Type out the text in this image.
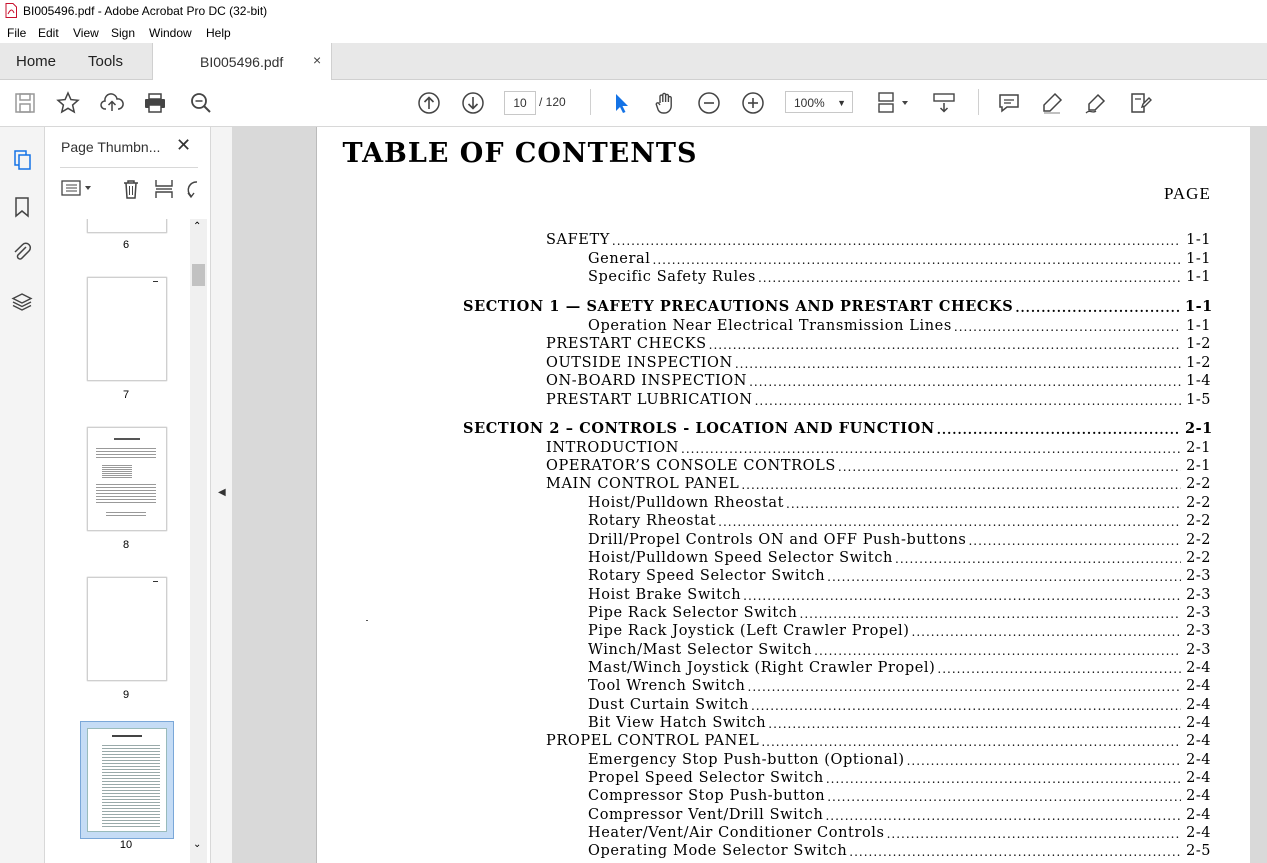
BI005496.pdf - Adobe Acrobat Pro DC (32-bit)
File Edit View Sign Window Help
Home Tools	BI005496.pdf ×
10	/ 120	100% ▼
Page Thumbn... ✕
6
7
8
9
10
⌃
⌄
◀
TABLE OF CONTENTS
PAGE
SAFETY .....	1-1
General .....	1-1
Specific Safety Rules .....	1-1
SECTION 1 — SAFETY PRECAUTIONS AND PRESTART CHECKS .....	1-1
Operation Near Electrical Transmission Lines .....	1-1
PRESTART CHECKS .....	1-2
OUTSIDE INSPECTION .....	1-2
ON-BOARD INSPECTION .....	1-4
PRESTART LUBRICATION .....	1-5
SECTION 2 – CONTROLS - LOCATION AND FUNCTION .....	2-1
INTRODUCTION .....	2-1
OPERATOR’S CONSOLE CONTROLS .....	2-1
MAIN CONTROL PANEL .....	2-2
Hoist/Pulldown Rheostat .....	2-2
Rotary Rheostat .....	2-2
Drill/Propel Controls ON and OFF Push-buttons .....	2-2
Hoist/Pulldown Speed Selector Switch .....	2-2
Rotary Speed Selector Switch .....	2-3
Hoist Brake Switch .....	2-3
Pipe Rack Selector Switch .....	2-3
Pipe Rack Joystick (Left Crawler Propel) .....	2-3
Winch/Mast Selector Switch .....	2-3
Mast/Winch Joystick (Right Crawler Propel) .....	2-4
Tool Wrench Switch .....	2-4
Dust Curtain Switch .....	2-4
Bit View Hatch Switch .....	2-4
PROPEL CONTROL PANEL .....	2-4
Emergency Stop Push-button (Optional) .....	2-4
Propel Speed Selector Switch .....	2-4
Compressor Stop Push-button .....	2-4
Compressor Vent/Drill Switch .....	2-4
Heater/Vent/Air Conditioner Controls .....	2-4
Operating Mode Selector Switch .....	2-5
